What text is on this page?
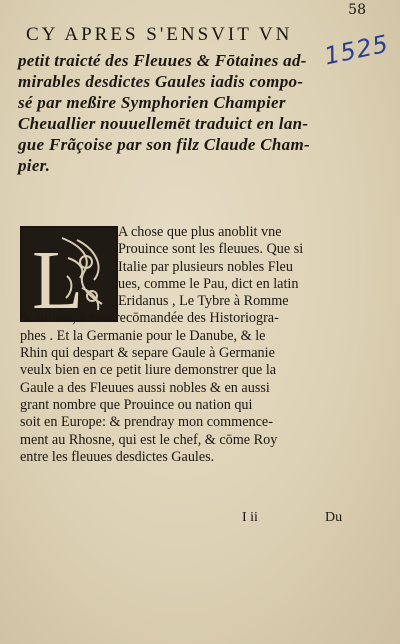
58
CY APRES S'ENSVIT VN
petit traicté des Fleuues & Fōtaines ad-
mirables desdictes Gaules iadis compo-
sé par meßire Symphorien Champier
Cheuallier nouuellemēt traduict en lan-
gue Frãçoise par son filz Claude Cham-
pier.
1525
L
A chose que plus anoblit vne
Prouince sont les fleuues. Que si
Italie par plusieurs nobles Fleu
ues, comme le Pau, dict en latin
Eridanus , Le Tybre à Romme
& aultres, à esté recōmandée des Historiogra-
phes . Et la Germanie pour le Danube, & le
Rhin qui despart & separe Gaule à Germanie
veulx bien en ce petit liure demonstrer que la
Gaule a des Fleuues aussi nobles & en aussi
grant nombre que Prouince ou nation qui
soit en Europe: & prendray mon commence-
ment au Rhosne, qui est le chef, & cōme Roy
entre les fleuues desdictes Gaules.
I ii	Du
